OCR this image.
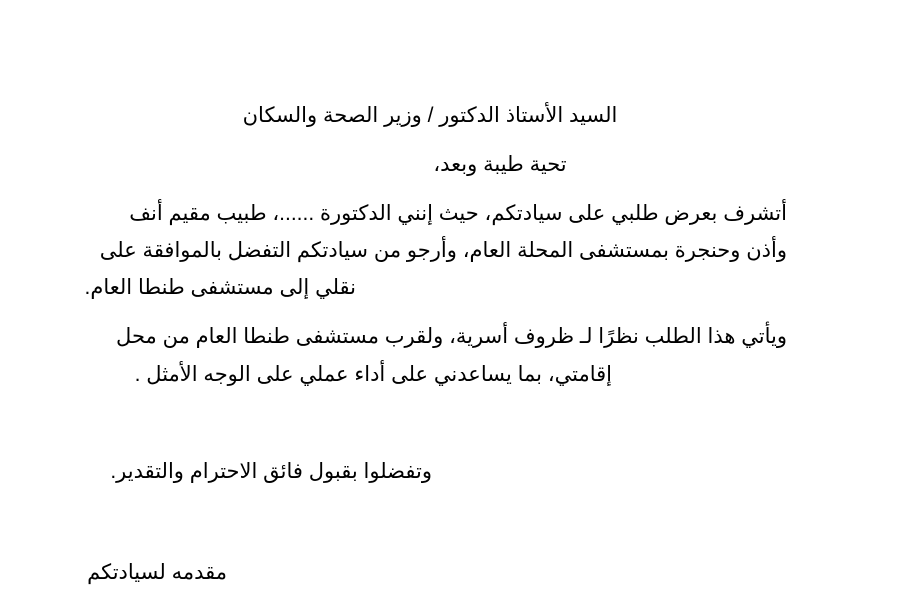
السيد الأستاذ الدكتور / وزير الصحة والسكان
تحية طيبة وبعد،
أتشرف بعرض طلبي على سيادتكم، حيث إنني الدكتورة ......، طبيب مقيم أنف
وأذن وحنجرة بمستشفى المحلة العام، وأرجو من سيادتكم التفضل بالموافقة على
نقلي إلى مستشفى طنطا العام.
ويأتي هذا الطلب نظرًا لـ ظروف أسرية، ولقرب مستشفى طنطا العام من محل
إقامتي، بما يساعدني على أداء عملي على الوجه الأمثل .
وتفضلوا بقبول فائق الاحترام والتقدير.
مقدمه لسيادتكم
